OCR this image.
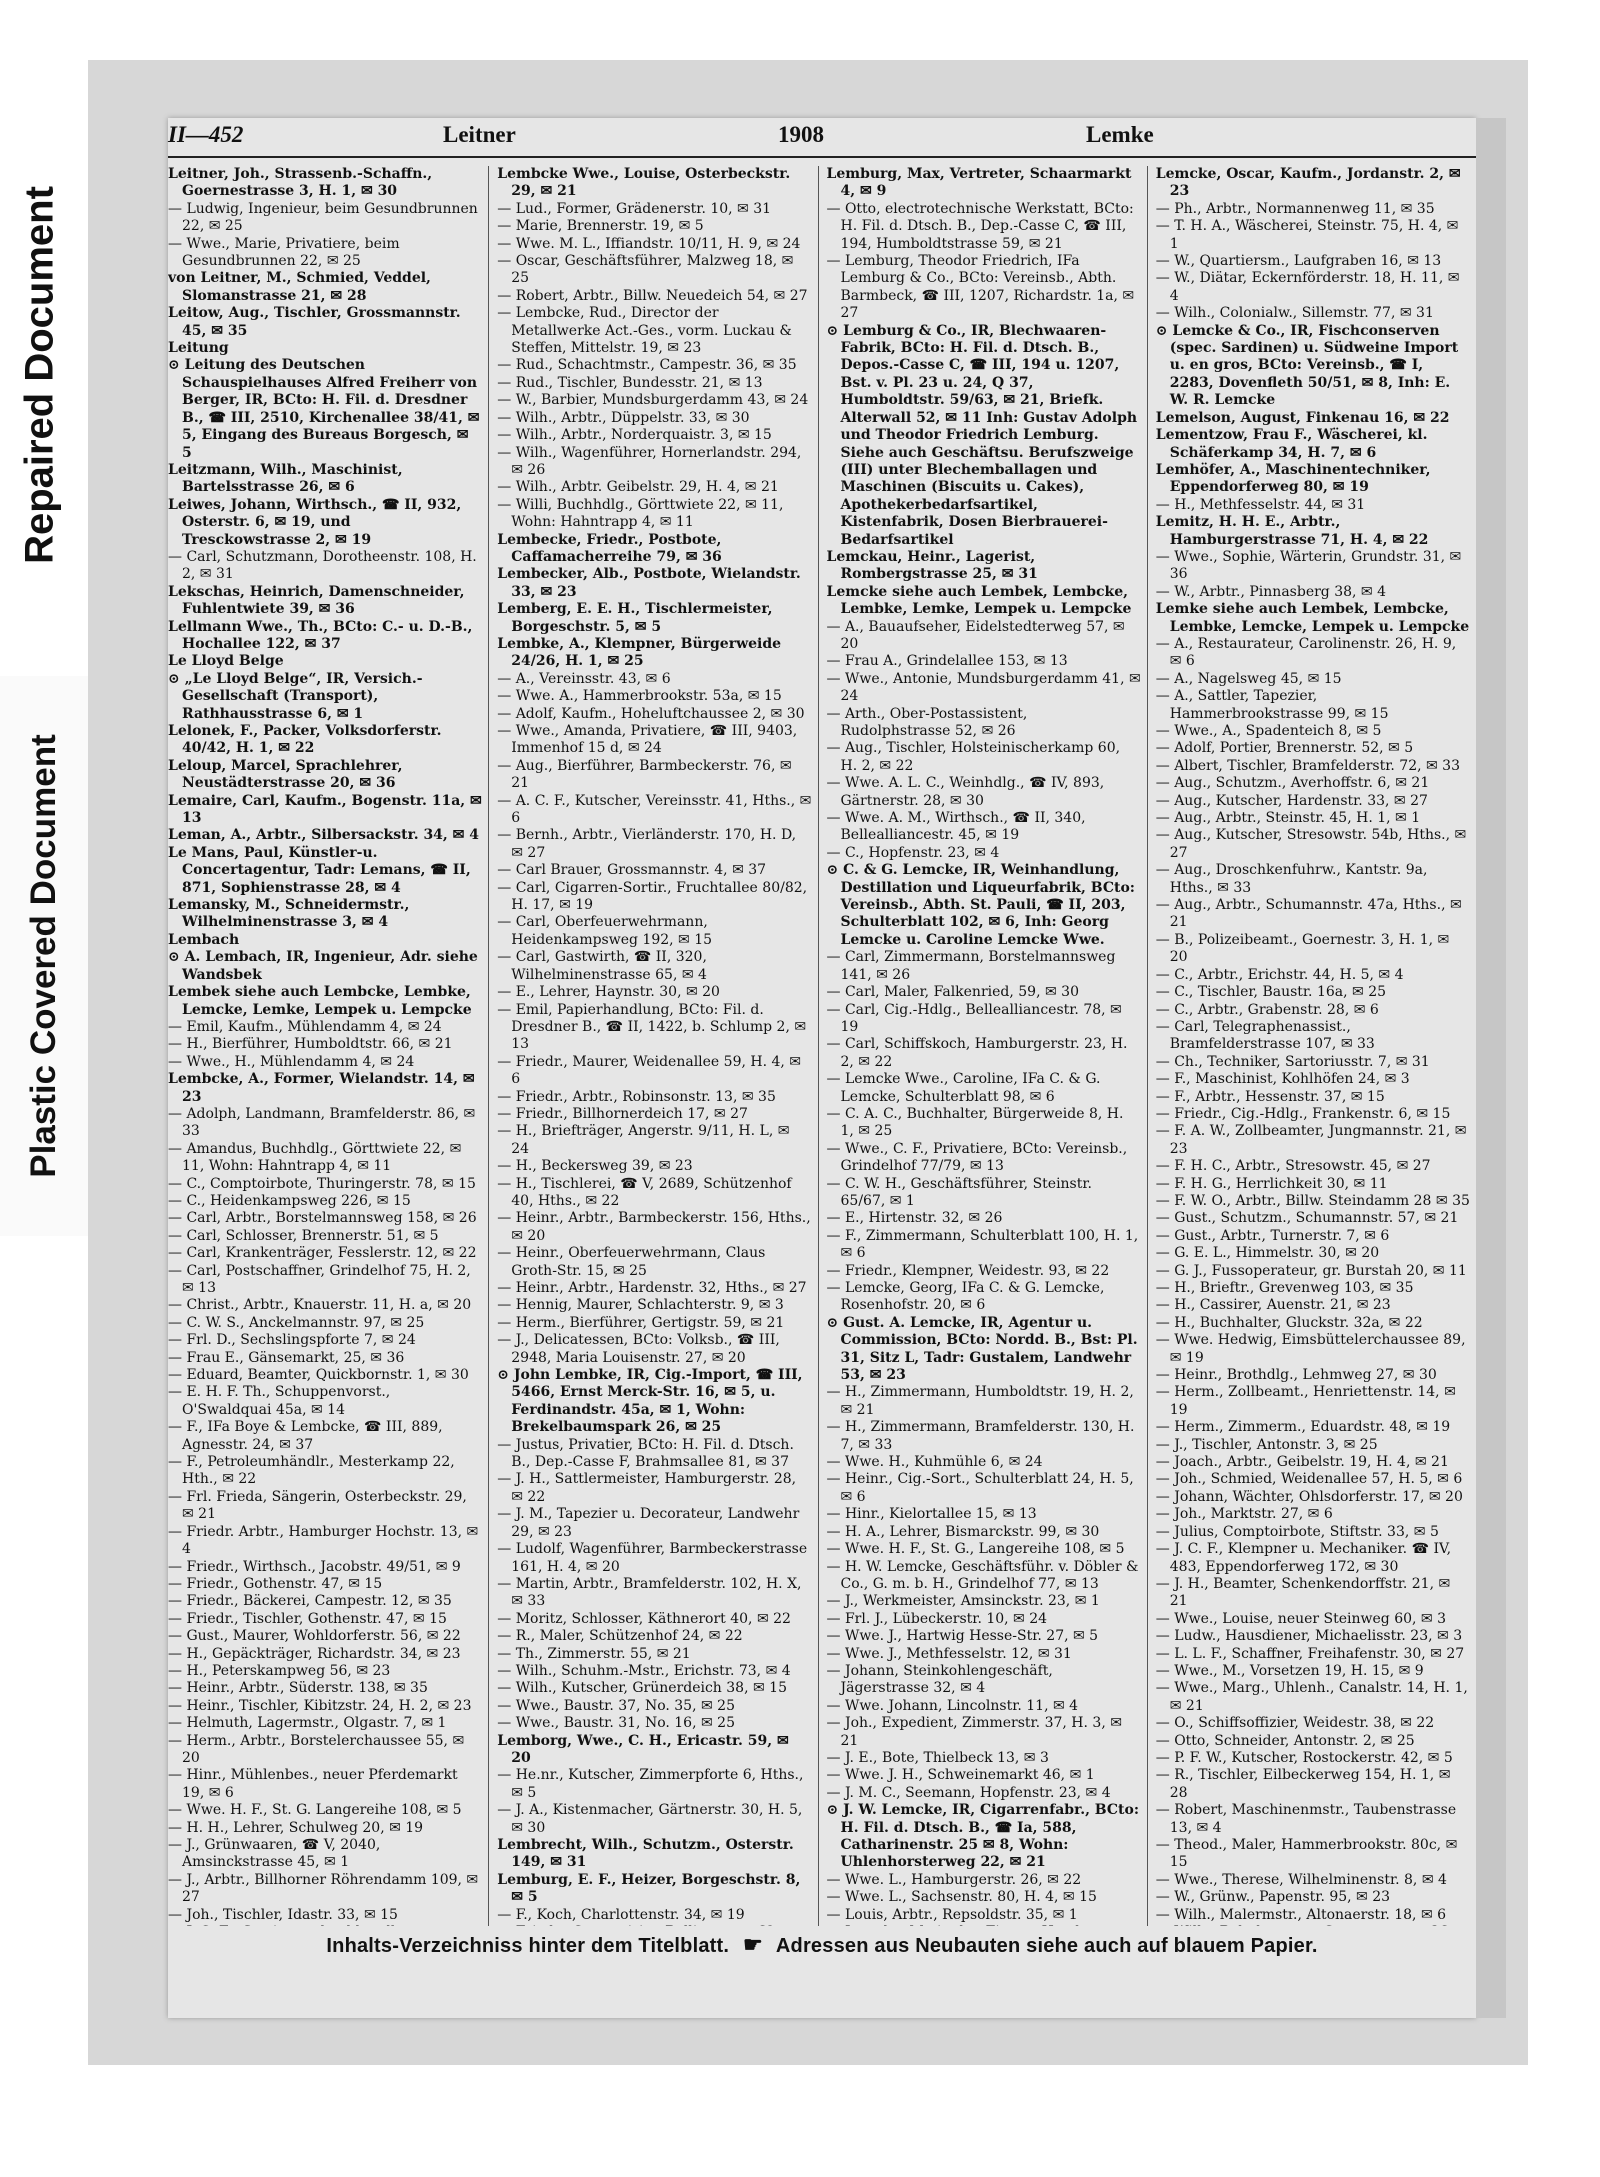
Repaired Document
Plastic Covered Document
II—452	Leitner	1908	Lemke

Leitner, Joh., Strassenb.-Schaffn., Goernestrasse 3, H. 1, ✉ 30

— Ludwig, Ingenieur, beim Gesundbrunnen 22, ✉ 25

— Wwe., Marie, Privatiere, beim Gesundbrunnen 22, ✉ 25

von Leitner, M., Schmied, Veddel, Slomanstrasse 21, ✉ 28

Leitow, Aug., Tischler, Grossmannstr. 45, ✉ 35

Leitung

⊙ Leitung des Deutschen Schauspielhauses Alfred Freiherr von Berger, IR, BCto: H. Fil. d. Dresdner B., ☎ III, 2510, Kirchenallee 38/41, ✉ 5, Eingang des Bureaus Borgesch, ✉ 5

Leitzmann, Wilh., Maschinist, Bartelsstrasse 26, ✉ 6

Leiwes, Johann, Wirthsch., ☎ II, 932, Osterstr. 6, ✉ 19, und Tresckowstrasse 2, ✉ 19

— Carl, Schutzmann, Dorotheenstr. 108, H. 2, ✉ 31

Lekschas, Heinrich, Damenschneider, Fuhlentwiete 39, ✉ 36

Lellmann Wwe., Th., BCto: C.- u. D.-B., Hochallee 122, ✉ 37

Le Lloyd Belge

⊙ „Le Lloyd Belge“, IR, Versich.-Gesellschaft (Transport), Rathhausstrasse 6, ✉ 1

Lelonek, F., Packer, Volksdorferstr. 40/42, H. 1, ✉ 22

Leloup, Marcel, Sprachlehrer, Neustädterstrasse 20, ✉ 36

Lemaire, Carl, Kaufm., Bogenstr. 11a, ✉ 13

Leman, A., Arbtr., Silbersackstr. 34, ✉ 4

Le Mans, Paul, Künstler-u. Concertagentur, Tadr: Lemans, ☎ II, 871, Sophienstrasse 28, ✉ 4

Lemansky, M., Schneidermstr., Wilhelminenstrasse 3, ✉ 4

Lembach

⊙ A. Lembach, IR, Ingenieur, Adr. siehe Wandsbek

Lembek siehe auch Lembcke, Lembke, Lemcke, Lemke, Lempek u. Lempcke

— Emil, Kaufm., Mühlendamm 4, ✉ 24

— H., Bierführer, Humboldtstr. 66, ✉ 21

— Wwe., H., Mühlendamm 4, ✉ 24

Lembcke, A., Former, Wielandstr. 14, ✉ 23

— Adolph, Landmann, Bramfelderstr. 86, ✉ 33

— Amandus, Buchhdlg., Görttwiete 22, ✉ 11, Wohn: Hahntrapp 4, ✉ 11

— C., Comptoirbote, Thuringerstr. 78, ✉ 15

— C., Heidenkampsweg 226, ✉ 15

— Carl, Arbtr., Borstelmannsweg 158, ✉ 26

— Carl, Schlosser, Brennerstr. 51, ✉ 5

— Carl, Krankenträger, Fesslerstr. 12, ✉ 22

— Carl, Postschaffner, Grindelhof 75, H. 2, ✉ 13

— Christ., Arbtr., Knauerstr. 11, H. a, ✉ 20

— C. W. S., Anckelmannstr. 97, ✉ 25

— Frl. D., Sechslingspforte 7, ✉ 24

— Frau E., Gänsemarkt, 25, ✉ 36

— Eduard, Beamter, Quickbornstr. 1, ✉ 30

— E. H. F. Th., Schuppenvorst., O'Swaldquai 45a, ✉ 14

— F., IFa Boye & Lembcke, ☎ III, 889, Agnesstr. 24, ✉ 37

— F., Petroleumhändlr., Mesterkamp 22, Hth., ✉ 22

— Frl. Frieda, Sängerin, Osterbeckstr. 29, ✉ 21

— Friedr. Arbtr., Hamburger Hochstr. 13, ✉ 4

— Friedr., Wirthsch., Jacobstr. 49/51, ✉ 9

— Friedr., Gothenstr. 47, ✉ 15

— Friedr., Bäckerei, Campestr. 12, ✉ 35

— Friedr., Tischler, Gothenstr. 47, ✉ 15

— Gust., Maurer, Wohldorferstr. 56, ✉ 22

— H., Gepäckträger, Richardstr. 34, ✉ 23

— H., Peterskampweg 56, ✉ 23

— Heinr., Arbtr., Süderstr. 138, ✉ 35

— Heinr., Tischler, Kibitzstr. 24, H. 2, ✉ 23

— Helmuth, Lagermstr., Olgastr. 7, ✉ 1

— Herm., Arbtr., Borstelerchaussee 55, ✉ 20

— Hinr., Mühlenbes., neuer Pferdemarkt 19, ✉ 6

— Wwe. H. F., St. G. Langereihe 108, ✉ 5

— H. H., Lehrer, Schulweg 20, ✉ 19

— J., Grünwaaren, ☎ V, 2040, Amsinckstrasse 45, ✉ 1

— J., Arbtr., Billhorner Röhrendamm 109, ✉ 27

— Joh., Tischler, Idastr. 33, ✉ 15

Lembcke Wwe., Louise, Osterbeckstr. 29, ✉ 21

— Lud., Former, Grädenerstr. 10, ✉ 31

— Marie, Brennerstr. 19, ✉ 5

— Wwe. M. L., Iffiandstr. 10/11, H. 9, ✉ 24

— Oscar, Geschäftsführer, Malzweg 18, ✉ 25

— Robert, Arbtr., Billw. Neuedeich 54, ✉ 27

— Lembcke, Rud., Director der Metallwerke Act.-Ges., vorm. Luckau & Steffen, Mittelstr. 19, ✉ 23

— Rud., Schachtmstr., Campestr. 36, ✉ 35

— Rud., Tischler, Bundesstr. 21, ✉ 13

— W., Barbier, Mundsburgerdamm 43, ✉ 24

— Wilh., Arbtr., Düppelstr. 33, ✉ 30

— Wilh., Arbtr., Norderquaistr. 3, ✉ 15

— Wilh., Wagenführer, Hornerlandstr. 294, ✉ 26

— Wilh., Arbtr. Geibelstr. 29, H. 4, ✉ 21

— Willi, Buchhdlg., Görttwiete 22, ✉ 11, Wohn: Hahntrapp 4, ✉ 11

Lembecke, Friedr., Postbote, Caffamacherreihe 79, ✉ 36

Lembecker, Alb., Postbote, Wielandstr. 33, ✉ 23

Lemberg, E. E. H., Tischlermeister, Borgeschstr. 5, ✉ 5

Lembke, A., Klempner, Bürgerweide 24/26, H. 1, ✉ 25

— A., Vereinsstr. 43, ✉ 6

— Wwe. A., Hammerbrookstr. 53a, ✉ 15

— Adolf, Kaufm., Hoheluftchaussee 2, ✉ 30

— Wwe., Amanda, Privatiere, ☎ III, 9403, Immenhof 15 d, ✉ 24

— Aug., Bierführer, Barmbeckerstr. 76, ✉ 21

— A. C. F., Kutscher, Vereinsstr. 41, Hths., ✉ 6

— Bernh., Arbtr., Vierländerstr. 170, H. D, ✉ 27

— Carl Brauer, Grossmannstr. 4, ✉ 37

— Carl, Cigarren-Sortir., Fruchtallee 80/82, H. 17, ✉ 19

— Carl, Oberfeuerwehrmann, Heidenkampsweg 192, ✉ 15

— Carl, Gastwirth, ☎ II, 320, Wilhelminenstrasse 65, ✉ 4

— E., Lehrer, Haynstr. 30, ✉ 20

— Emil, Papierhandlung, BCto: Fil. d. Dresdner B., ☎ II, 1422, b. Schlump 2, ✉ 13

— Friedr., Maurer, Weidenallee 59, H. 4, ✉ 6

— Friedr., Arbtr., Robinsonstr. 13, ✉ 35

— Friedr., Billhornerdeich 17, ✉ 27

— H., Briefträger, Angerstr. 9/11, H. L, ✉ 24

— H., Beckersweg 39, ✉ 23

— H., Tischlerei, ☎ V, 2689, Schützenhof 40, Hths., ✉ 22

— Heinr., Arbtr., Barmbeckerstr. 156, Hths., ✉ 20

— Heinr., Oberfeuerwehrmann, Claus Groth-Str. 15, ✉ 25

— Heinr., Arbtr., Hardenstr. 32, Hths., ✉ 27

— Hennig, Maurer, Schlachterstr. 9, ✉ 3

— Herm., Bierführer, Gertigstr. 59, ✉ 21

— J., Delicatessen, BCto: Volksb., ☎ III, 2948, Maria Louisenstr. 27, ✉ 20

⊙ John Lembke, IR, Cig.-Import, ☎ III, 5466, Ernst Merck-Str. 16, ✉ 5, u. Ferdinandstr. 45a, ✉ 1, Wohn: Brekelbaumspark 26, ✉ 25

— Justus, Privatier, BCto: H. Fil. d. Dtsch. B., Dep.-Casse F, Brahmsallee 81, ✉ 37

— J. H., Sattlermeister, Hamburgerstr. 28, ✉ 22

— J. M., Tapezier u. Decorateur, Landwehr 29, ✉ 23

— Ludolf, Wagenführer, Barmbeckerstrasse 161, H. 4, ✉ 20

— Martin, Arbtr., Bramfelderstr. 102, H. X, ✉ 33

— Moritz, Schlosser, Käthnerort 40, ✉ 22

— R., Maler, Schützenhof 24, ✉ 22

— Th., Zimmerstr. 55, ✉ 21

— Wilh., Schuhm.-Mstr., Erichstr. 73, ✉ 4

— Wilh., Kutscher, Grünerdeich 38, ✉ 15

— Wwe., Baustr. 37, No. 35, ✉ 25

— Wwe., Baustr. 31, No. 16, ✉ 25

Lemborg, Wwe., C. H., Ericastr. 59, ✉ 20

— He.nr., Kutscher, Zimmerpforte 6, Hths., ✉ 5

— J. A., Kistenmacher, Gärtnerstr. 30, H. 5, ✉ 30

Lembrecht, Wilh., Schutzm., Osterstr. 149, ✉ 31

Lemburg, E. F., Heizer, Borgeschstr. 8, ✉ 5

— F., Koch, Charlottenstr. 34, ✉ 19

Lemburg, Max, Vertreter, Schaarmarkt 4, ✉ 9

— Otto, electrotechnische Werkstatt, BCto: H. Fil. d. Dtsch. B., Dep.-Casse C, ☎ III, 194, Humboldtstrasse 59, ✉ 21

— Lemburg, Theodor Friedrich, IFa Lemburg & Co., BCto: Vereinsb., Abth. Barmbeck, ☎ III, 1207, Richardstr. 1a, ✉ 27

⊙ Lemburg & Co., IR, Blechwaaren-Fabrik, BCto: H. Fil. d. Dtsch. B., Depos.-Casse C, ☎ III, 194 u. 1207, Bst. v. Pl. 23 u. 24, Q 37, Humboldtstr. 59/63, ✉ 21, Briefk. Alterwall 52, ✉ 11 Inh: Gustav Adolph und Theodor Friedrich Lemburg. Siehe auch Geschäftsu. Berufszweige (III) unter Blechemballagen und Maschinen (Biscuits u. Cakes), Apothekerbedarfsartikel, Kistenfabrik, Dosen Bierbrauerei-Bedarfsartikel

Lemckau, Heinr., Lagerist, Rombergstrasse 25, ✉ 31

Lemcke siehe auch Lembek, Lembcke, Lembke, Lemke, Lempek u. Lempcke

— A., Bauaufseher, Eidelstedterweg 57, ✉ 20

— Frau A., Grindelallee 153, ✉ 13

— Wwe., Antonie, Mundsburgerdamm 41, ✉ 24

— Arth., Ober-Postassistent, Rudolphstrasse 52, ✉ 26

— Aug., Tischler, Holsteinischerkamp 60, H. 2, ✉ 22

— Wwe. A. L. C., Weinhdlg., ☎ IV, 893, Gärtnerstr. 28, ✉ 30

— Wwe. A. M., Wirthsch., ☎ II, 340, Bellealliancestr. 45, ✉ 19

— C., Hopfenstr. 23, ✉ 4

⊙ C. & G. Lemcke, IR, Weinhandlung, Destillation und Liqueurfabrik, BCto: Vereinsb., Abth. St. Pauli, ☎ II, 203, Schulterblatt 102, ✉ 6, Inh: Georg Lemcke u. Caroline Lemcke Wwe.

— Carl, Zimmermann, Borstelmannsweg 141, ✉ 26

— Carl, Maler, Falkenried, 59, ✉ 30

— Carl, Cig.-Hdlg., Bellealliancestr. 78, ✉ 19

— Carl, Schiffskoch, Hamburgerstr. 23, H. 2, ✉ 22

— Lemcke Wwe., Caroline, IFa C. & G. Lemcke, Schulterblatt 98, ✉ 6

— C. A. C., Buchhalter, Bürgerweide 8, H. 1, ✉ 25

— Wwe., C. F., Privatiere, BCto: Vereinsb., Grindelhof 77/79, ✉ 13

— C. W. H., Geschäftsführer, Steinstr. 65/67, ✉ 1

— E., Hirtenstr. 32, ✉ 26

— F., Zimmermann, Schulterblatt 100, H. 1, ✉ 6

— Friedr., Klempner, Weidestr. 93, ✉ 22

— Lemcke, Georg, IFa C. & G. Lemcke, Rosenhofstr. 20, ✉ 6

⊙ Gust. A. Lemcke, IR, Agentur u. Commission, BCto: Nordd. B., Bst: Pl. 31, Sitz L, Tadr: Gustalem, Landwehr 53, ✉ 23

— H., Zimmermann, Humboldtstr. 19, H. 2, ✉ 21

— H., Zimmermann, Bramfelderstr. 130, H. 7, ✉ 33

— Wwe. H., Kuhmühle 6, ✉ 24

— Heinr., Cig.-Sort., Schulterblatt 24, H. 5, ✉ 6

— Hinr., Kielortallee 15, ✉ 13

— H. A., Lehrer, Bismarckstr. 99, ✉ 30

— Wwe. H. F., St. G., Langereihe 108, ✉ 5

— H. W. Lemcke, Geschäftsführ. v. Döbler & Co., G. m. b. H., Grindelhof 77, ✉ 13

— J., Werkmeister, Amsinckstr. 23, ✉ 1

— Frl. J., Lübeckerstr. 10, ✉ 24

— Wwe. J., Hartwig Hesse-Str. 27, ✉ 5

— Wwe. J., Methfesselstr. 12, ✉ 31

— Johann, Steinkohlengeschäft, Jägerstrasse 32, ✉ 4

— Wwe. Johann, Lincolnstr. 11, ✉ 4

— Joh., Expedient, Zimmerstr. 37, H. 3, ✉ 21

— J. E., Bote, Thielbeck 13, ✉ 3

— Wwe. J. H., Schweinemarkt 46, ✉ 1

— J. M. C., Seemann, Hopfenstr. 23, ✉ 4

⊙ J. W. Lemcke, IR, Cigarrenfabr., BCto: H. Fil. d. Dtsch. B., ☎ Ia, 588, Catharinenstr. 25 ✉ 8, Wohn: Uhlenhorsterweg 22, ✉ 21

— Wwe. L., Hamburgerstr. 26, ✉ 22

— Wwe. L., Sachsenstr. 80, H. 4, ✉ 15

— Louis, Arbtr., Repsoldstr. 35, ✉ 1

Lemcke, Oscar, Kaufm., Jordanstr. 2, ✉ 23

— Ph., Arbtr., Normannenweg 11, ✉ 35

— T. H. A., Wäscherei, Steinstr. 75, H. 4, ✉ 1

— W., Quartiersm., Laufgraben 16, ✉ 13

— W., Diätar, Eckernförderstr. 18, H. 11, ✉ 4

— Wilh., Colonialw., Sillemstr. 77, ✉ 31

⊙ Lemcke & Co., IR, Fischconserven (spec. Sardinen) u. Südweine Import u. en gros, BCto: Vereinsb., ☎ I, 2283, Dovenfleth 50/51, ✉ 8, Inh: E. W. R. Lemcke

Lemelson, August, Finkenau 16, ✉ 22

Lementzow, Frau F., Wäscherei, kl. Schäferkamp 34, H. 7, ✉ 6

Lemhöfer, A., Maschinentechniker, Eppendorferweg 80, ✉ 19

— H., Methfesselstr. 44, ✉ 31

Lemitz, H. H. E., Arbtr., Hamburgerstrasse 71, H. 4, ✉ 22

— Wwe., Sophie, Wärterin, Grundstr. 31, ✉ 36

— W., Arbtr., Pinnasberg 38, ✉ 4

Lemke siehe auch Lembek, Lembcke, Lembke, Lemcke, Lempek u. Lempcke

— A., Restaurateur, Carolinenstr. 26, H. 9, ✉ 6

— A., Nagelsweg 45, ✉ 15

— A., Sattler, Tapezier, Hammerbrookstrasse 99, ✉ 15

— Wwe., A., Spadenteich 8, ✉ 5

— Adolf, Portier, Brennerstr. 52, ✉ 5

— Albert, Tischler, Bramfelderstr. 72, ✉ 33

— Aug., Schutzm., Averhoffstr. 6, ✉ 21

— Aug., Kutscher, Hardenstr. 33, ✉ 27

— Aug., Arbtr., Steinstr. 45, H. 1, ✉ 1

— Aug., Kutscher, Stresowstr. 54b, Hths., ✉ 27

— Aug., Droschkenfuhrw., Kantstr. 9a, Hths., ✉ 33

— Aug., Arbtr., Schumannstr. 47a, Hths., ✉ 21

— B., Polizeibeamt., Goernestr. 3, H. 1, ✉ 20

— C., Arbtr., Erichstr. 44, H. 5, ✉ 4

— C., Tischler, Baustr. 16a, ✉ 25

— C., Arbtr., Grabenstr. 28, ✉ 6

— Carl, Telegraphenassist., Bramfelderstrasse 107, ✉ 33

— Ch., Techniker, Sartoriusstr. 7, ✉ 31

— F., Maschinist, Kohlhöfen 24, ✉ 3

— F., Arbtr., Hessenstr. 37, ✉ 15

— Friedr., Cig.-Hdlg., Frankenstr. 6, ✉ 15

— F. A. W., Zollbeamter, Jungmannstr. 21, ✉ 23

— F. H. C., Arbtr., Stresowstr. 45, ✉ 27

— F. H. G., Herrlichkeit 30, ✉ 11

— F. W. O., Arbtr., Billw. Steindamm 28 ✉ 35

— Gust., Schutzm., Schumannstr. 57, ✉ 21

— Gust., Arbtr., Turnerstr. 7, ✉ 6

— G. E. L., Himmelstr. 30, ✉ 20

— G. J., Fussoperateur, gr. Burstah 20, ✉ 11

— H., Brieftr., Grevenweg 103, ✉ 35

— H., Cassirer, Auenstr. 21, ✉ 23

— H., Buchhalter, Gluckstr. 32a, ✉ 22

— Wwe. Hedwig, Eimsbüttelerchaussee 89, ✉ 19

— Heinr., Brothdlg., Lehmweg 27, ✉ 30

— Herm., Zollbeamt., Henriettenstr. 14, ✉ 19

— Herm., Zimmerm., Eduardstr. 48, ✉ 19

— J., Tischler, Antonstr. 3, ✉ 25

— Joach., Arbtr., Geibelstr. 19, H. 4, ✉ 21

— Joh., Schmied, Weidenallee 57, H. 5, ✉ 6

— Johann, Wächter, Ohlsdorferstr. 17, ✉ 20

— Joh., Marktstr. 27, ✉ 6

— Julius, Comptoirbote, Stiftstr. 33, ✉ 5

— J. C. F., Klempner u. Mechaniker. ☎ IV, 483, Eppendorferweg 172, ✉ 30

— J. H., Beamter, Schenkendorffstr. 21, ✉ 21

— Wwe., Louise, neuer Steinweg 60, ✉ 3

— Ludw., Hausdiener, Michaelisstr. 23, ✉ 3

— L. L. F., Schaffner, Freihafenstr. 30, ✉ 27

— Wwe., M., Vorsetzen 19, H. 15, ✉ 9

— Wwe., Marg., Uhlenh., Canalstr. 14, H. 1, ✉ 21

— O., Schiffsoffizier, Weidestr. 38, ✉ 22

— Otto, Schneider, Antonstr. 2, ✉ 25

— P. F. W., Kutscher, Rostockerstr. 42, ✉ 5

— R., Tischler, Eilbeckerweg 154, H. 1, ✉ 28

— Robert, Maschinenmstr., Taubenstrasse 13, ✉ 4

— Theod., Maler, Hammerbrookstr. 80c, ✉ 15

— Wwe., Therese, Wilhelminenstr. 8, ✉ 4

— W., Grünw., Papenstr. 95, ✉ 23

— Wilh., Malermstr., Altonaerstr. 18, ✉ 6

Inhalts-Verzeichniss hinter dem Titelblatt. ☛ Adressen aus Neubauten siehe auch auf blauem Papier.
